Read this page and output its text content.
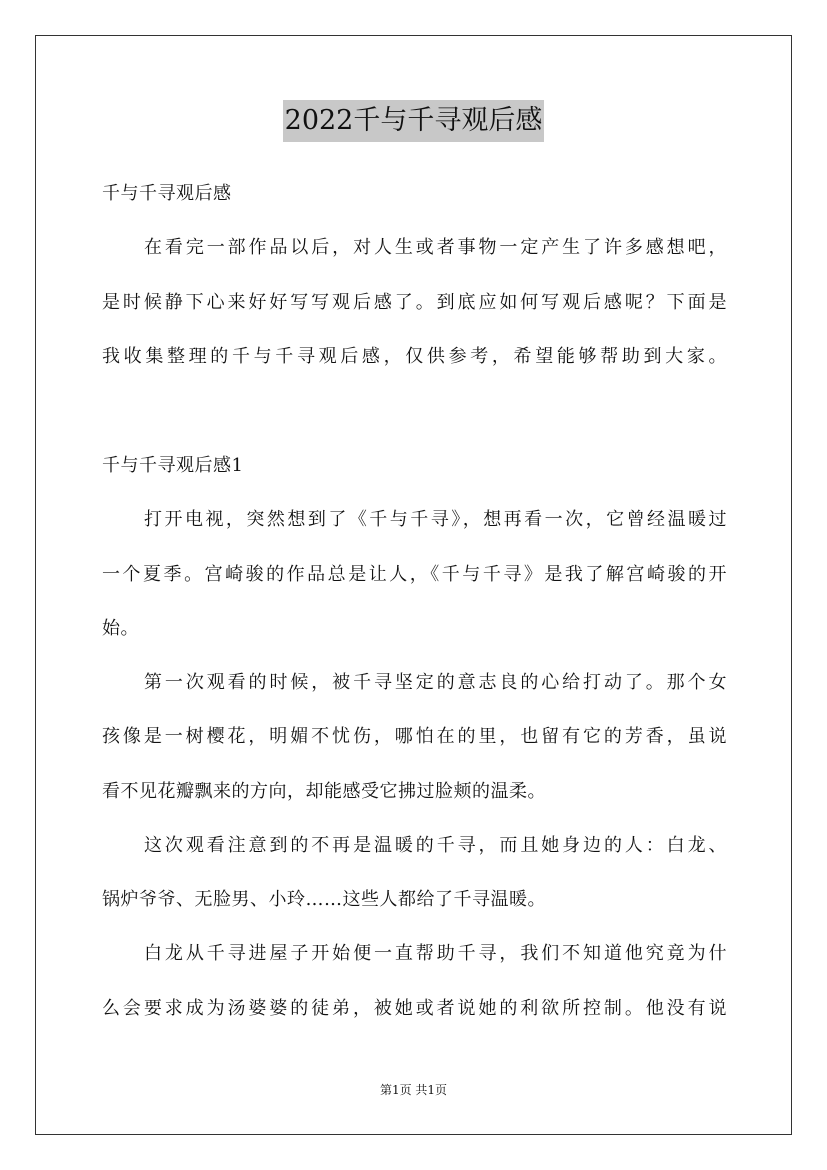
2022千与千寻观后感
千与千寻观后感
在看完一部作品以后，对人生或者事物一定产生了许多感想吧，
是时候静下心来好好写写观后感了。到底应如何写观后感呢？下面是
我收集整理的千与千寻观后感，仅供参考，希望能够帮助到大家。
千与千寻观后感1
打开电视，突然想到了《千与千寻》，想再看一次，它曾经温暖过
一个夏季。宫崎骏的作品总是让人，《千与千寻》是我了解宫崎骏的开
始。
第一次观看的时候，被千寻坚定的意志良的心给打动了。那个女
孩像是一树樱花，明媚不忧伤，哪怕在的里，也留有它的芳香，虽说
看不见花瓣飘来的方向，却能感受它拂过脸颊的温柔。
这次观看注意到的不再是温暖的千寻，而且她身边的人：白龙、
锅炉爷爷、无脸男、小玲……这些人都给了千寻温暖。
白龙从千寻进屋子开始便一直帮助千寻，我们不知道他究竟为什
么会要求成为汤婆婆的徒弟，被她或者说她的利欲所控制。他没有说
第1页 共1页
